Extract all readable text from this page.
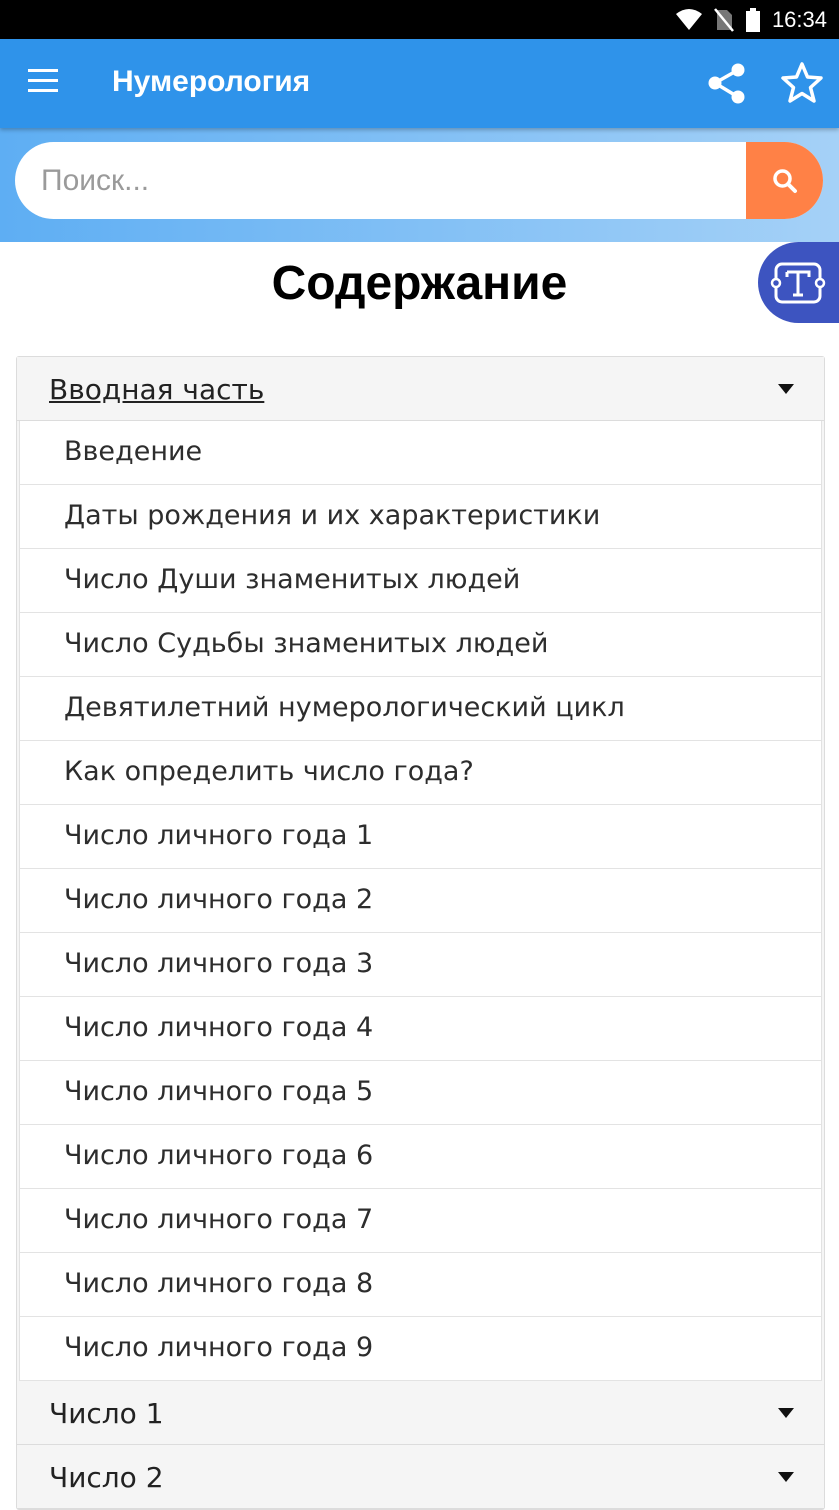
16:34
Нумерология
Поиск...
Содержание
Вводная часть
Введение
Даты рождения и их характеристики
Число Души знаменитых людей
Число Судьбы знаменитых людей
Девятилетний нумерологический цикл
Как определить число года?
Число личного года 1
Число личного года 2
Число личного года 3
Число личного года 4
Число личного года 5
Число личного года 6
Число личного года 7
Число личного года 8
Число личного года 9
Число 1
Число 2
